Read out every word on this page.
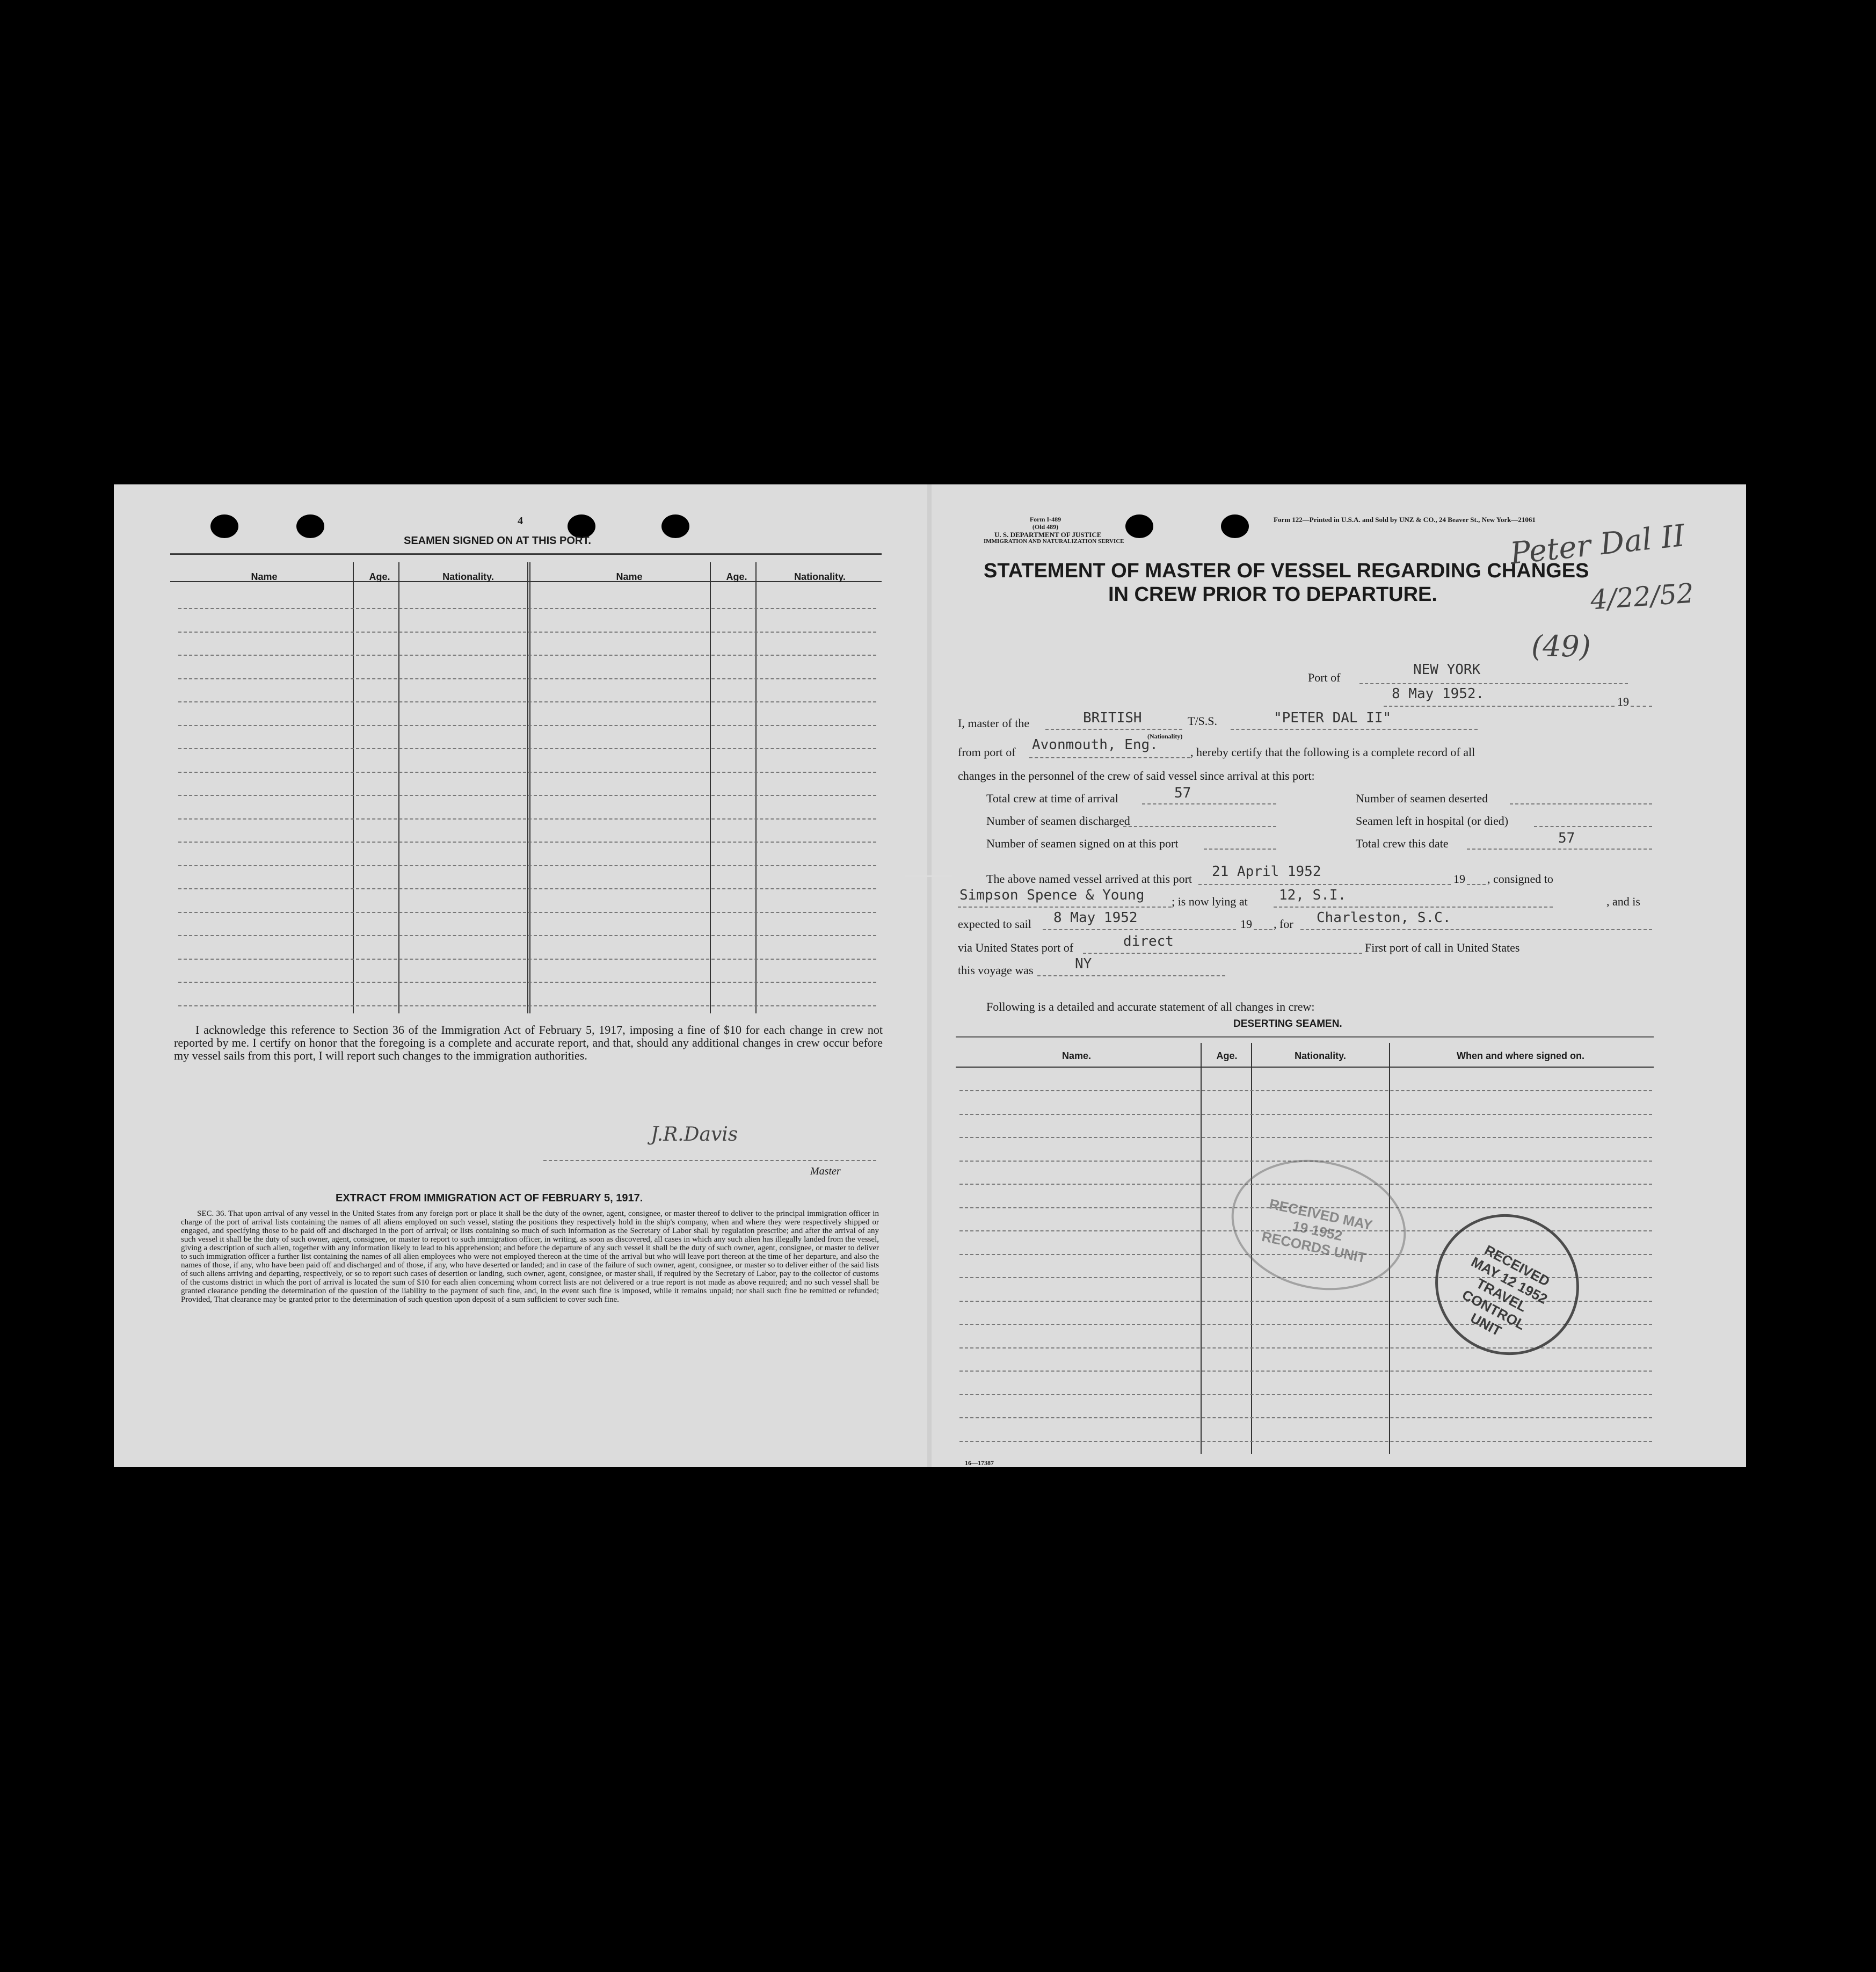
4
SEAMEN SIGNED ON AT THIS PORT.
Name	Age.	Nationality.	Name	Age.	Nationality.
I acknowledge this reference to Section 36 of the Immigration Act of February 5, 1917, imposing a fine of $10 for each change in crew not reported by me. I certify on honor that the foregoing is a complete and accurate report, and that, should any additional changes in crew occur before my vessel sails from this port, I will report such changes to the immigration authorities.
J.R.Davis
Master
EXTRACT FROM IMMIGRATION ACT OF FEBRUARY 5, 1917.
SEC. 36. That upon arrival of any vessel in the United States from any foreign port or place it shall be the duty of the owner, agent, consignee, or master thereof to deliver to the principal immigration officer in charge of the port of arrival lists containing the names of all aliens employed on such vessel, stating the positions they respectively hold in the ship's company, when and where they were respectively shipped or engaged, and specifying those to be paid off and discharged in the port of arrival; or lists containing so much of such information as the Secretary of Labor shall by regulation prescribe; and after the arrival of any such vessel it shall be the duty of such owner, agent, consignee, or master to report to such immigration officer, in writing, as soon as discovered, all cases in which any such alien has illegally landed from the vessel, giving a description of such alien, together with any information likely to lead to his apprehension; and before the departure of any such vessel it shall be the duty of such owner, agent, consignee, or master to deliver to such immigration officer a further list containing the names of all alien employees who were not employed thereon at the time of the arrival but who will leave port thereon at the time of her departure, and also the names of those, if any, who have been paid off and discharged and of those, if any, who have deserted or landed; and in case of the failure of such owner, agent, consignee, or master so to deliver either of the said lists of such aliens arriving and departing, respectively, or so to report such cases of desertion or landing, such owner, agent, consignee, or master shall, if required by the Secretary of Labor, pay to the collector of customs of the customs district in which the port of arrival is located the sum of $10 for each alien concerning whom correct lists are not delivered or a true report is not made as above required; and no such vessel shall be granted clearance pending the determination of the question of the liability to the payment of such fine, and, in the event such fine is imposed, while it remains unpaid; nor shall such fine be remitted or refunded; Provided, That clearance may be granted prior to the determination of such question upon deposit of a sum sufficient to cover such fine.
Form I-489
(Old 489)
U. S. DEPARTMENT OF JUSTICE
IMMIGRATION AND NATURALIZATION SERVICE
Form 122—Printed in U.S.A. and Sold by UNZ & CO., 24 Beaver St., New York—21061
STATEMENT OF MASTER OF VESSEL REGARDING CHANGES
IN CREW PRIOR TO DEPARTURE.
Peter Dal II
4/22/52
(49)
Port of	NEW YORK
8 May 1952.	19
I, master of the	BRITISH
(Nationality)
T/S.S.	"PETER DAL II"
from port of Avonmouth, Eng.	, hereby certify that the following is a complete record of all
changes in the personnel of the crew of said vessel since arrival at this port:
Total crew at time of arrival	57	Number of seamen deserted
Number of seamen discharged	Seamen left in hospital (or died)
Number of seamen signed on at this port	Total crew this date	57
The above named vessel arrived at this port 21 April 1952	19 , consigned to
Simpson Spence & Young ; is now lying at 12, S.I.	, and is
expected to sail 8 May 1952	19 , for Charleston, S.C.
via United States port of	direct	First port of call in United States
this voyage was	NY
Following is a detailed and accurate statement of all changes in crew:
DESERTING SEAMEN.
Name.	Age.	Nationality.	When and where signed on.
RECEIVED MAY 19 1952 RECORDS UNIT	RECEIVED MAY 12 1952 TRAVEL CONTROL UNIT
16—17387
